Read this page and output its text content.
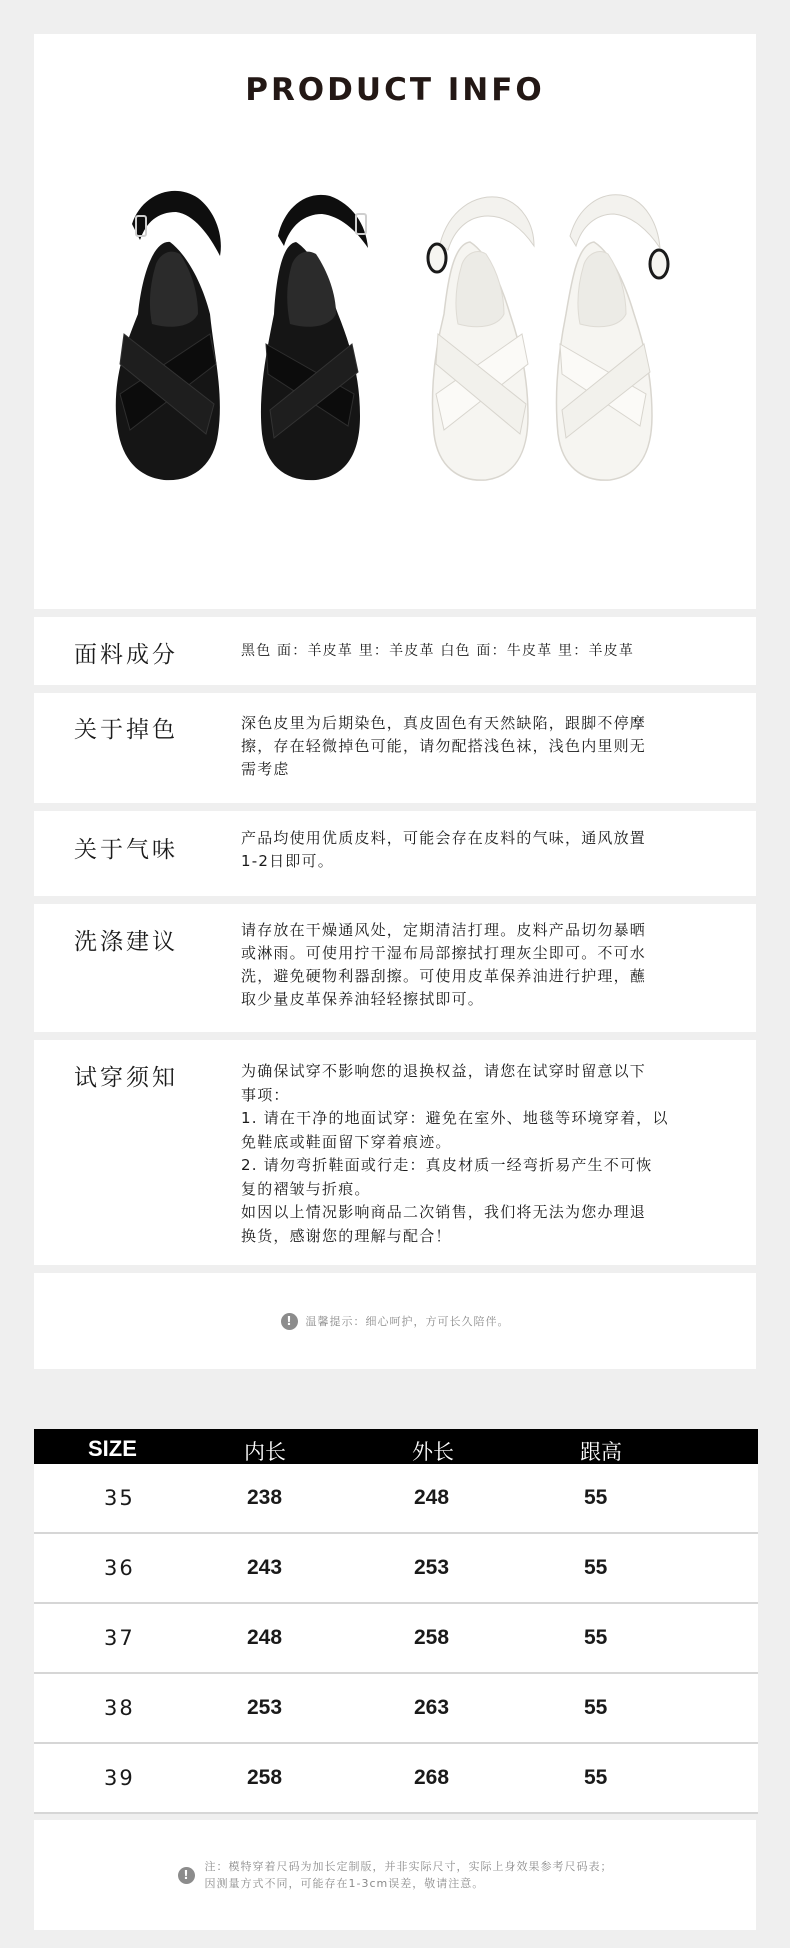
PRODUCT INFO
面料成分	黑色 面：羊皮革 里：羊皮革 白色 面：牛皮革 里：羊皮革
关于掉色	深色皮里为后期染色，真皮固色有天然缺陷，跟脚不停摩
擦，存在轻微掉色可能，请勿配搭浅色袜，浅色内里则无
需考虑
关于气味	产品均使用优质皮料，可能会存在皮料的气味，通风放置
1-2日即可。
洗涤建议	请存放在干燥通风处，定期清洁打理。皮料产品切勿暴晒
或淋雨。可使用拧干湿布局部擦拭打理灰尘即可。不可水
洗，避免硬物利器刮擦。可使用皮革保养油进行护理，蘸
取少量皮革保养油轻轻擦拭即可。
试穿须知	为确保试穿不影响您的退换权益，请您在试穿时留意以下
事项：
1. 请在干净的地面试穿：避免在室外、地毯等环境穿着，以
免鞋底或鞋面留下穿着痕迹。
2. 请勿弯折鞋面或行走：真皮材质一经弯折易产生不可恢
复的褶皱与折痕。
如因以上情况影响商品二次销售，我们将无法为您办理退
换货，感谢您的理解与配合！
!	温馨提示：细心呵护，方可长久陪伴。
SIZE	内长	外长	跟高
35	238	248	55
36	243	253	55
37	248	258	55
38	253	263	55
39	258	268	55
!
注：模特穿着尺码为加长定制版，并非实际尺寸，实际上身效果参考尺码表；
因测量方式不同，可能存在1-3cm误差，敬请注意。
